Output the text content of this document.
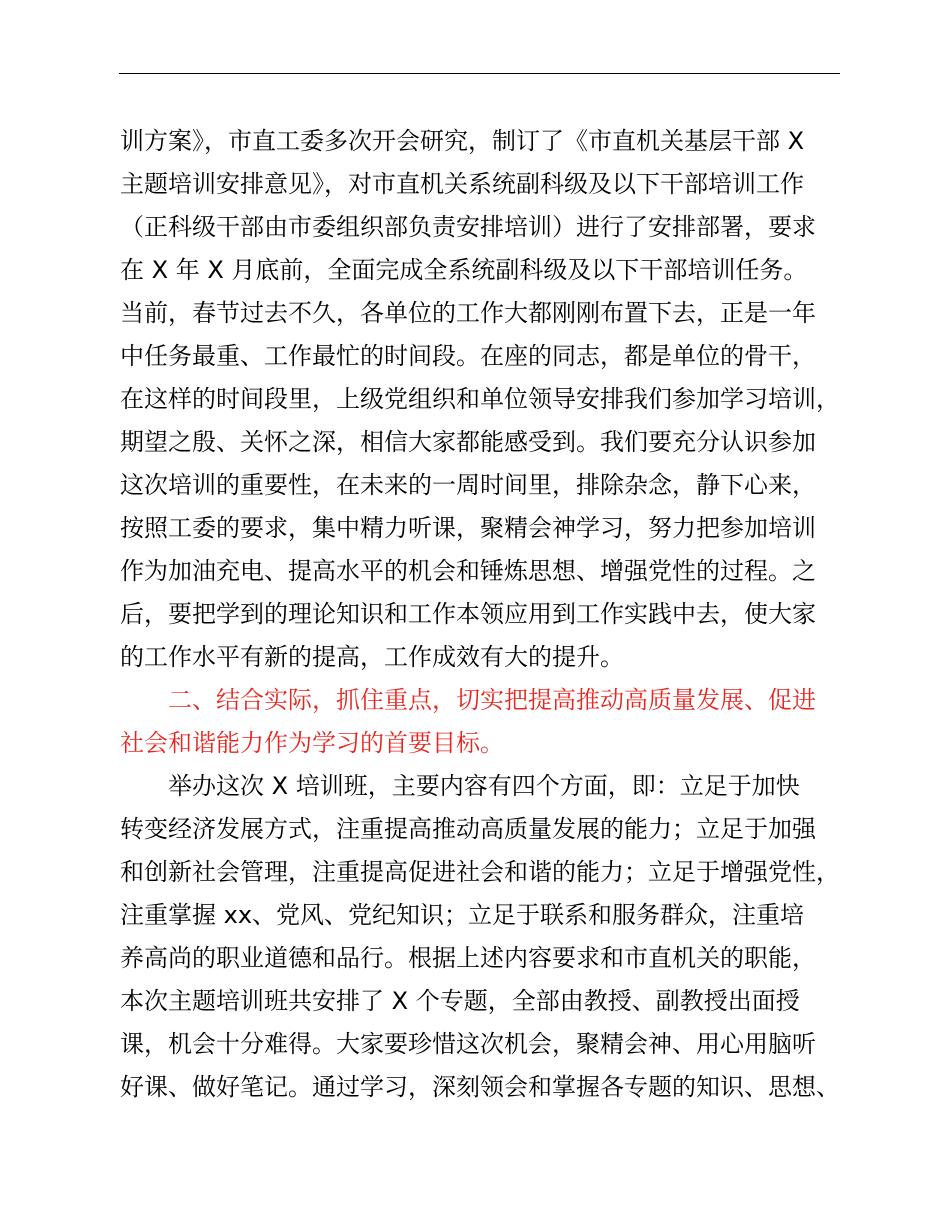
训方案》，市直工委多次开会研究，制订了《市直机关基层干部 X
主题培训安排意见》，对市直机关系统副科级及以下干部培训工作
（正科级干部由市委组织部负责安排培训）进行了安排部署，要求
在 X 年 X 月底前，全面完成全系统副科级及以下干部培训任务。
当前，春节过去不久，各单位的工作大都刚刚布置下去，正是一年
中任务最重、工作最忙的时间段。在座的同志，都是单位的骨干，
在这样的时间段里，上级党组织和单位领导安排我们参加学习培训，
期望之殷、关怀之深，相信大家都能感受到。我们要充分认识参加
这次培训的重要性，在未来的一周时间里，排除杂念，静下心来，
按照工委的要求，集中精力听课，聚精会神学习，努力把参加培训
作为加油充电、提高水平的机会和锤炼思想、增强党性的过程。之
后，要把学到的理论知识和工作本领应用到工作实践中去，使大家
的工作水平有新的提高，工作成效有大的提升。
二、结合实际，抓住重点，切实把提高推动高质量发展、促进
社会和谐能力作为学习的首要目标。
举办这次 X 培训班，主要内容有四个方面，即：立足于加快
转变经济发展方式，注重提高推动高质量发展的能力；立足于加强
和创新社会管理，注重提高促进社会和谐的能力；立足于增强党性，
注重掌握 xx、党风、党纪知识；立足于联系和服务群众，注重培
养高尚的职业道德和品行。根据上述内容要求和市直机关的职能，
本次主题培训班共安排了 X 个专题，全部由教授、副教授出面授
课，机会十分难得。大家要珍惜这次机会，聚精会神、用心用脑听
好课、做好笔记。通过学习，深刻领会和掌握各专题的知识、思想、
